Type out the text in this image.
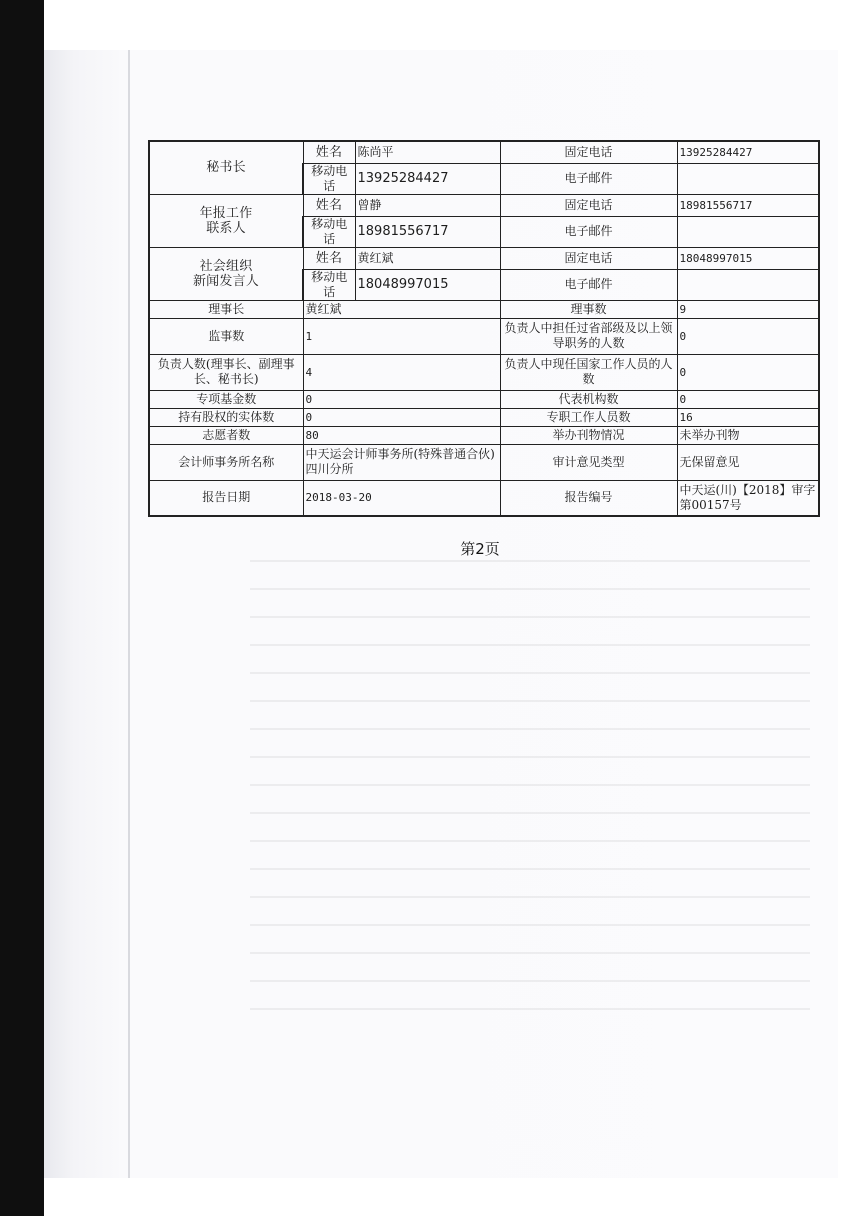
秘书长	姓名	陈尚平	固定电话	13925284427
	移动电话	13925284427	电子邮件	

年报工作
联系人	姓名	曾静	固定电话	18981556717
	移动电话	18981556717	电子邮件	

社会组织
新闻发言人	姓名	黄红斌	固定电话	18048997015
	移动电话	18048997015	电子邮件	
理事长	黄红斌		理事数	9
监事数	1		负责人中担任过省部级及以上领导职务的人数	0
负责人数(理事长、副理事长、秘书长)	4		负责人中现任国家工作人员的人数	0
专项基金数	0		代表机构数	0
持有股权的实体数	0		专职工作人员数	16
志愿者数	80		举办刊物情况	未举办刊物
会计师事务所名称	中天运会计师事务所(特殊普通合伙)四川分所		审计意见类型	无保留意见
报告日期	2018-03-20		报告编号	中天运(川)【2018】审字第00157号
第2页
